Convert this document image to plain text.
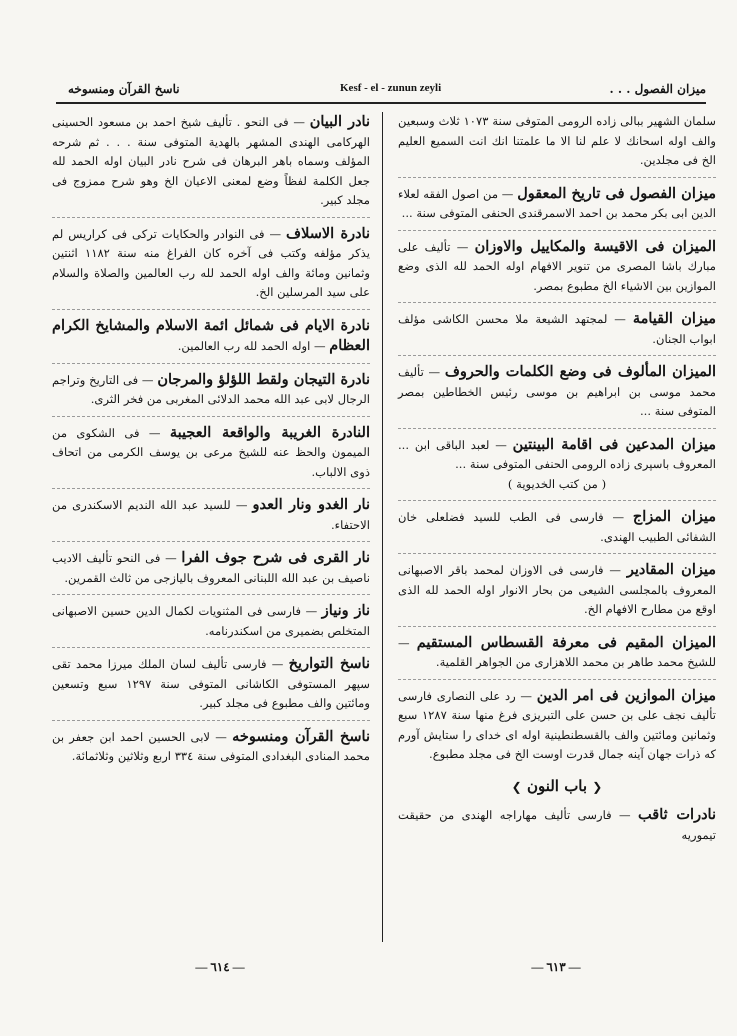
ناسخ القرآن ومنسوخه	Kesf - el - zunun zeyli	ميزان الفصول . . .
سلمان الشهير ببالى زاده الرومى المتوفى سنة ١٠٧٣ ثلاث وسبعين والف اوله اسحانك لا علم لنا الا ما علمتنا انك انت السميع العليم الخ فى مجلدين.
ميزان الفصول فى تاريخ المعقول — من اصول الفقه لعلاء الدين ابى بكر محمد بن احمد الاسمرقندى الحنفى المتوفى سنة ...
الميزان فى الاقيسة والمكاييل والاوزان — تأليف على مبارك باشا المصرى من تنوير الافهام اوله الحمد لله الذى وضع الموازين بين الاشياء الخ مطبوع بمصر.
ميزان القيامة — لمجتهد الشيعة ملا محسن الكاشى مؤلف ابواب الجنان.
الميزان المألوف فى وضع الكلمات والحروف — تأليف محمد موسى بن ابراهيم بن موسى رئيس الخطاطين بمصر المتوفى سنة ...
ميزان المدعين فى اقامة البينتين — لعبد الباقى ابن ... المعروف باسپرى زاده الرومى الحنفى المتوفى سنة ...
( من كتب الخديوية )
ميزان المزاج — فارسى فى الطب للسيد فضلعلى خان الشفائى الطبيب الهندى.
ميزان المقادير — فارسى فى الاوزان لمحمد باقر الاصبهانى المعروف بالمجلسى الشيعى من بحار الانوار اوله الحمد لله الذى اوقع من مطارح الافهام الخ.
الميزان المقيم فى معرفة القسطاس المستقيم — للشيخ محمد طاهر بن محمد اللاهزارى من الجواهر القلمية.
ميزان الموازين فى امر الدين — رد على النصارى فارسى تأليف نجف على بن حسن على التبريزى فرغ منها سنة ١٢٨٧ سبع وثمانين ومائتين والف بالقسطنطينية اوله اى خداى را ستايش آورم كه ذرات جهان آينه جمال قدرت اوست الخ فى مجلد مطبوع.
❮ باب النون ❯
نادرات ثاقب — فارسى تأليف مهاراجه الهندى من حقيقت تيموريه
نادر البيان — فى النحو . تأليف شيخ احمد بن مسعود الحسينى الهركامى الهندى المشهر بالهدية المتوفى سنة . . . ثم شرحه المؤلف وسماه باهر البرهان فى شرح نادر البيان اوله الحمد لله جعل الكلمة لفظاً وضع لمعنى الاعيان الخ وهو شرح ممزوج فى مجلد كبير.
نادرة الاسلاف — فى النوادر والحكايات تركى فى كراريس لم يذكر مؤلفه وكتب فى آخره كان الفراغ منه سنة ١١٨٢ اثنتين وثمانين ومائة والف اوله الحمد لله رب العالمين والصلاة والسلام على سيد المرسلين الخ.
نادرة الايام فى شمائل ائمة الاسلام والمشايخ الكرام العظام — اوله الحمد لله رب العالمين.
نادرة التيجان ولقط اللؤلؤ والمرجان — فى التاريخ وتراجم الرجال لابى عبد الله محمد الدلائى المغربى من فخر الثرى.
النادرة الغريبة والواقعة العجيبة — فى الشكوى من الميمون والحظ عنه للشيخ مرعى بن يوسف الكرمى من اتحاف ذوى الالباب.
نار الغدو ونار العدو — للسيد عبد الله النديم الاسكندرى من الاحتفاء.
نار القرى فى شرح جوف الفرا — فى النحو تأليف الاديب ناصيف بن عبد الله اللبنانى المعروف باليازجى من ثالث القمرين.
ناز ونياز — فارسى فى المثنويات لكمال الدين حسين الاصبهانى المتخلص بضميرى من اسكندرنامه.
ناسخ التواريخ — فارسى تأليف لسان الملك ميرزا محمد تقى سپهر المستوفى الكاشانى المتوفى سنة ١٢٩٧ سبع وتسعين ومائتين والف مطبوع فى مجلد كبير.
ناسخ القرآن ومنسوخه — لابى الحسين احمد ابن جعفر بن محمد المنادى البغدادى المتوفى سنة ٣٣٤ اربع وثلاثين وثلاثمائة.
— ٦١٤ —	— ٦١٣ —
